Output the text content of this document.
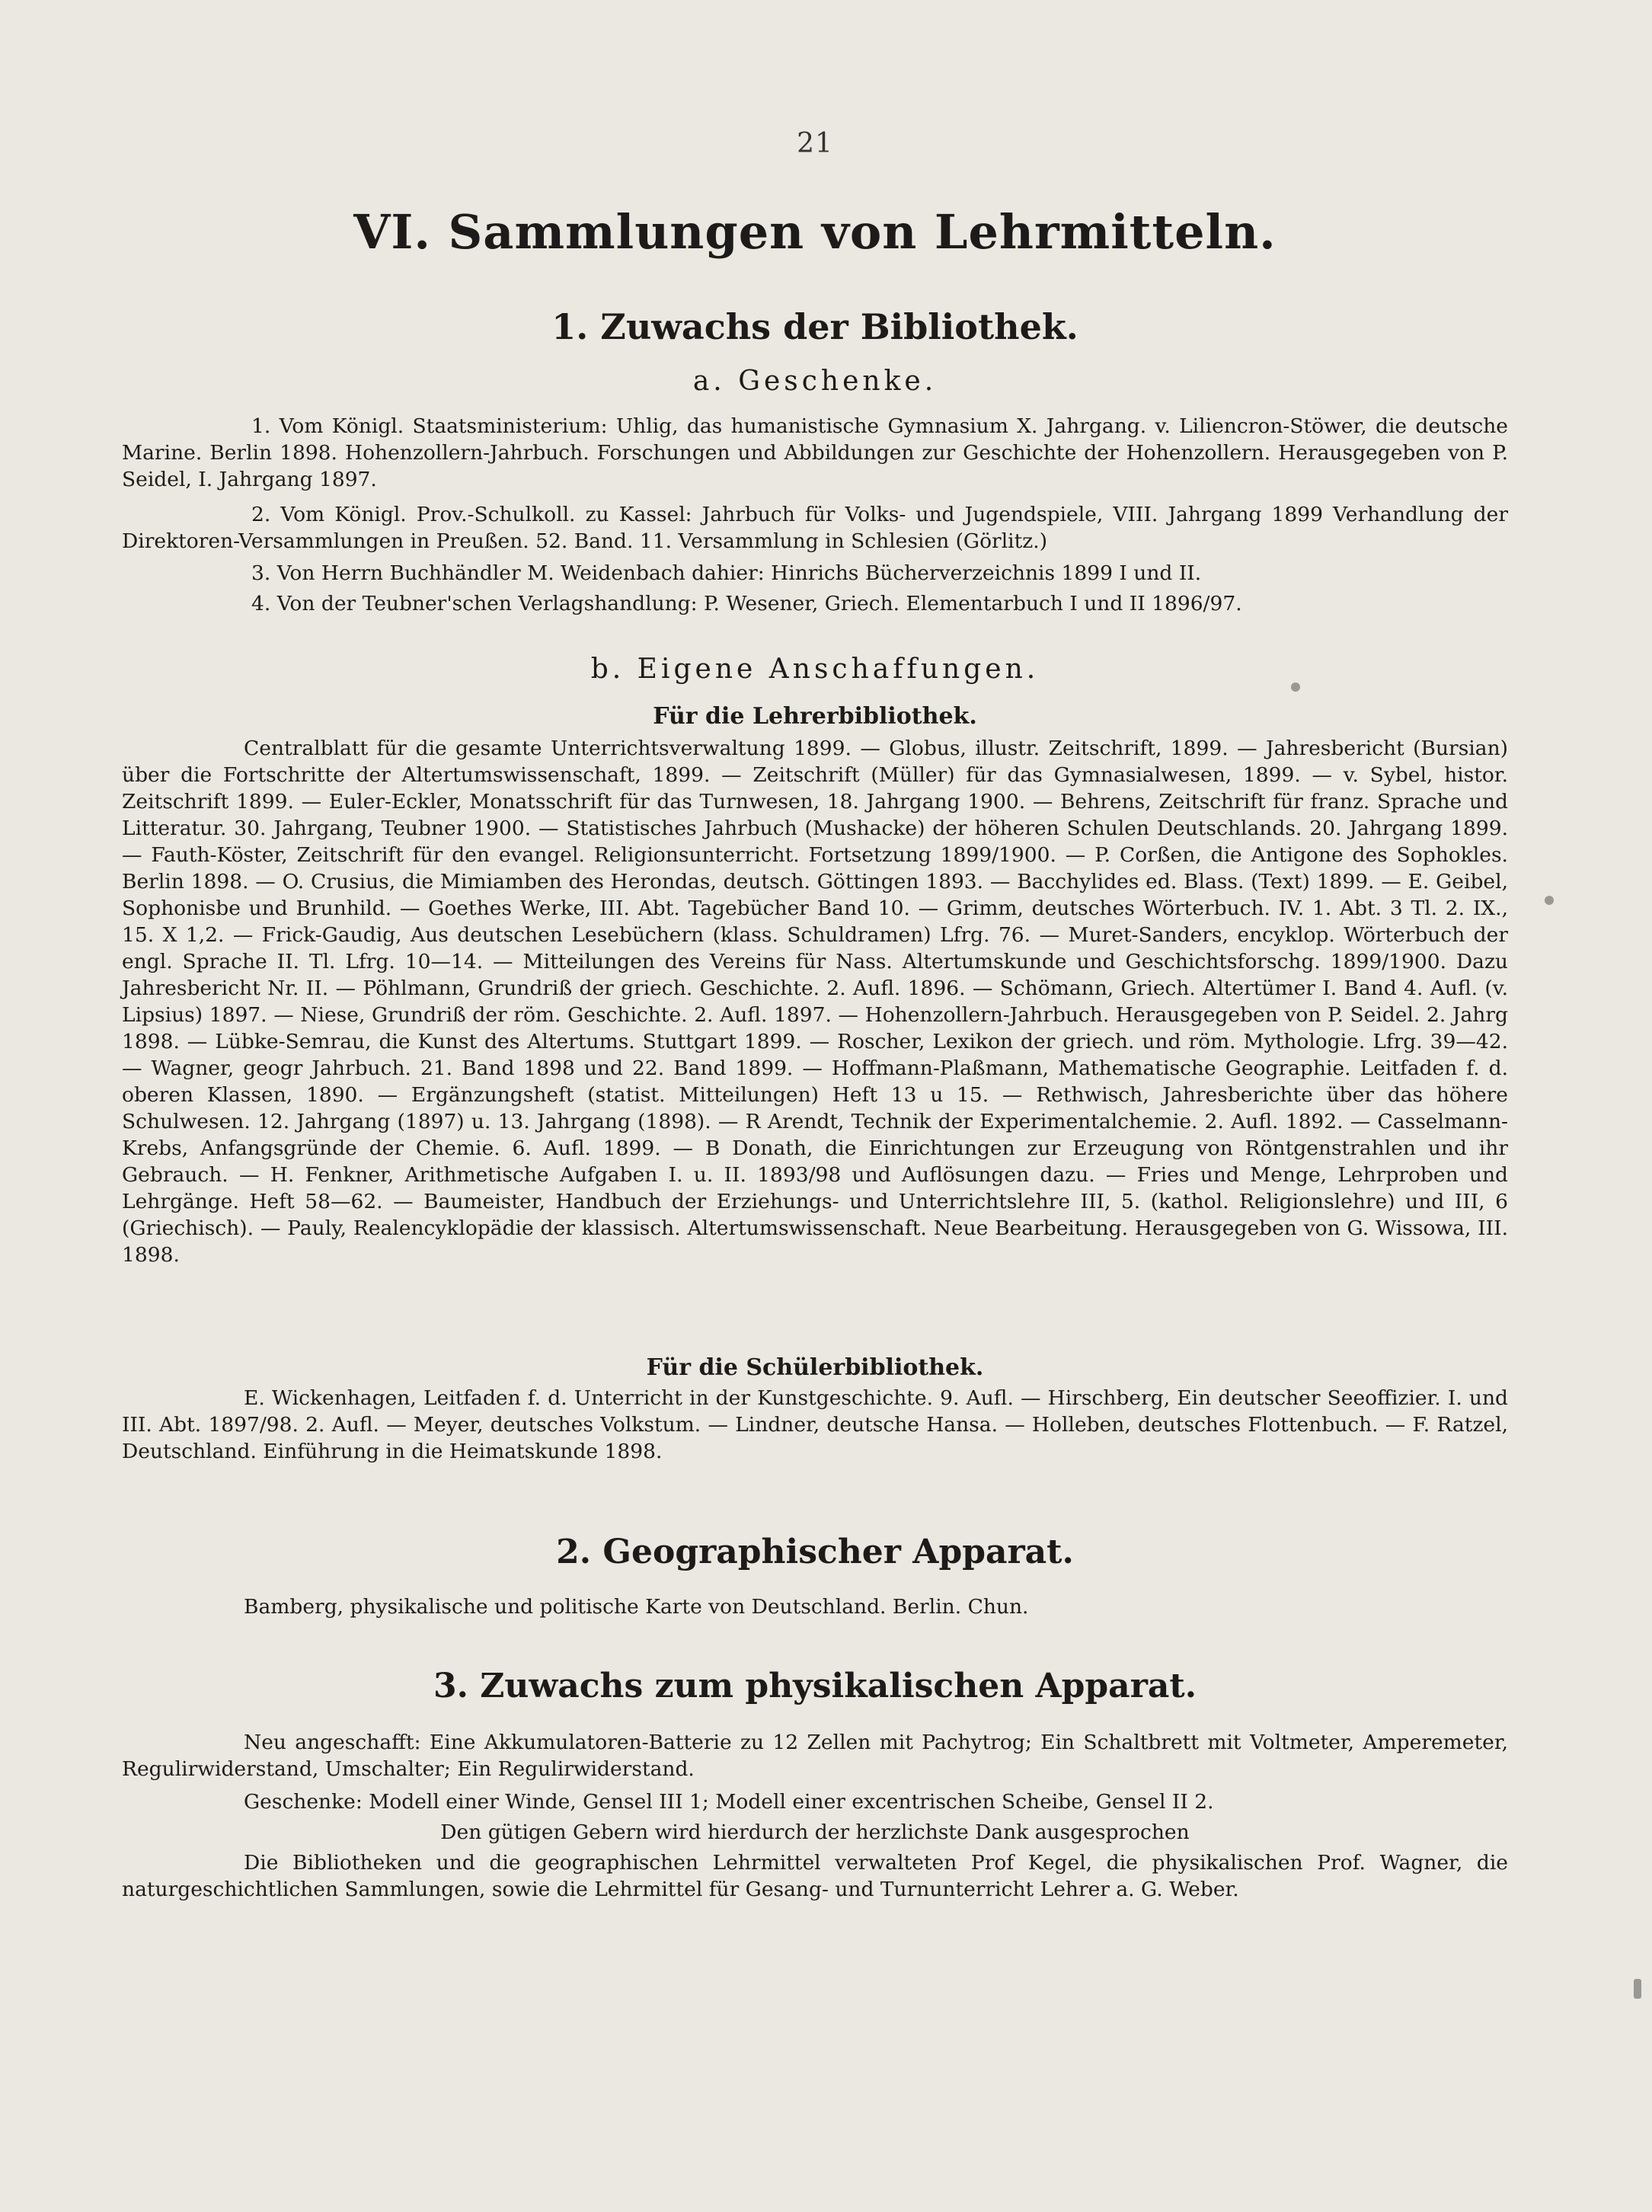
21
VI. Sammlungen von Lehrmitteln.
1. Zuwachs der Bibliothek.
a. Geschenke.
1. Vom Königl. Staatsministerium: Uhlig, das humanistische Gymnasium X. Jahrgang. v. Liliencron-Stöwer, die deutsche Marine. Berlin 1898. Hohenzollern-Jahrbuch. Forschungen und Abbildungen zur Geschichte der Hohenzollern. Herausgegeben von P. Seidel, I. Jahrgang 1897.
2. Vom Königl. Prov.-Schulkoll. zu Kassel: Jahrbuch für Volks- und Jugendspiele, VIII. Jahrgang 1899 Verhandlung der Direktoren-Versammlungen in Preußen. 52. Band. 11. Versammlung in Schlesien (Görlitz.)
3. Von Herrn Buchhändler M. Weidenbach dahier: Hinrichs Bücherverzeichnis 1899 I und II.
4. Von der Teubner'schen Verlagshandlung: P. Wesener, Griech. Elementarbuch I und II 1896/97.
b. Eigene Anschaffungen.
Für die Lehrerbibliothek.
Centralblatt für die gesamte Unterrichtsverwaltung 1899. — Globus, illustr. Zeitschrift, 1899. — Jahresbericht (Bursian) über die Fortschritte der Altertumswissenschaft, 1899. — Zeitschrift (Müller) für das Gymnasialwesen, 1899. — v. Sybel, histor. Zeitschrift 1899. — Euler-Eckler, Monatsschrift für das Turnwesen, 18. Jahrgang 1900. — Behrens, Zeitschrift für franz. Sprache und Litteratur. 30. Jahrgang, Teubner 1900. — Statistisches Jahrbuch (Mushacke) der höheren Schulen Deutschlands. 20. Jahrgang 1899. — Fauth-Köster, Zeitschrift für den evangel. Religionsunterricht. Fortsetzung 1899/1900. — P. Corßen, die Antigone des Sophokles. Berlin 1898. — O. Crusius, die Mimiamben des Herondas, deutsch. Göttingen 1893. — Bacchylides ed. Blass. (Text) 1899. — E. Geibel, Sophonisbe und Brunhild. — Goethes Werke, III. Abt. Tagebücher Band 10. — Grimm, deutsches Wörterbuch. IV. 1. Abt. 3 Tl. 2. IX., 15. X 1,2. — Frick-Gaudig, Aus deutschen Lesebüchern (klass. Schuldramen) Lfrg. 76. — Muret-Sanders, encyklop. Wörterbuch der engl. Sprache II. Tl. Lfrg. 10—14. — Mitteilungen des Vereins für Nass. Altertumskunde und Geschichtsforschg. 1899/1900. Dazu Jahresbericht Nr. II. — Pöhlmann, Grundriß der griech. Geschichte. 2. Aufl. 1896. — Schömann, Griech. Altertümer I. Band 4. Aufl. (v. Lipsius) 1897. — Niese, Grundriß der röm. Geschichte. 2. Aufl. 1897. — Hohenzollern-Jahrbuch. Herausgegeben von P. Seidel. 2. Jahrg 1898. — Lübke-Semrau, die Kunst des Altertums. Stuttgart 1899. — Roscher, Lexikon der griech. und röm. Mythologie. Lfrg. 39—42. — Wagner, geogr Jahrbuch. 21. Band 1898 und 22. Band 1899. — Hoffmann-Plaßmann, Mathematische Geographie. Leitfaden f. d. oberen Klassen, 1890. — Ergänzungsheft (statist. Mitteilungen) Heft 13 u 15. — Rethwisch, Jahresberichte über das höhere Schulwesen. 12. Jahrgang (1897) u. 13. Jahrgang (1898). — R Arendt, Technik der Experimentalchemie. 2. Aufl. 1892. — Casselmann-Krebs, Anfangsgründe der Chemie. 6. Aufl. 1899. — B Donath, die Einrichtungen zur Erzeugung von Röntgenstrahlen und ihr Gebrauch. — H. Fenkner, Arithmetische Aufgaben I. u. II. 1893/98 und Auflösungen dazu. — Fries und Menge, Lehrproben und Lehrgänge. Heft 58—62. — Baumeister, Handbuch der Erziehungs- und Unterrichtslehre III, 5. (kathol. Religionslehre) und III, 6 (Griechisch). — Pauly, Realencyklopädie der klassisch. Altertumswissenschaft. Neue Bearbeitung. Herausgegeben von G. Wissowa, III. 1898.
Für die Schülerbibliothek.
E. Wickenhagen, Leitfaden f. d. Unterricht in der Kunstgeschichte. 9. Aufl. — Hirschberg, Ein deutscher Seeoffizier. I. und III. Abt. 1897/98. 2. Aufl. — Meyer, deutsches Volkstum. — Lindner, deutsche Hansa. — Holleben, deutsches Flottenbuch. — F. Ratzel, Deutschland. Einführung in die Heimatskunde 1898.
2. Geographischer Apparat.
Bamberg, physikalische und politische Karte von Deutschland. Berlin. Chun.
3. Zuwachs zum physikalischen Apparat.
Neu angeschafft: Eine Akkumulatoren-Batterie zu 12 Zellen mit Pachytrog; Ein Schaltbrett mit Voltmeter, Amperemeter, Regulirwiderstand, Umschalter; Ein Regulirwiderstand.
Geschenke: Modell einer Winde, Gensel III 1; Modell einer excentrischen Scheibe, Gensel II 2.
Den gütigen Gebern wird hierdurch der herzlichste Dank ausgesprochen
Die Bibliotheken und die geographischen Lehrmittel verwalteten Prof Kegel, die physikalischen Prof. Wagner, die naturgeschichtlichen Sammlungen, sowie die Lehrmittel für Gesang- und Turnunterricht Lehrer a. G. Weber.
